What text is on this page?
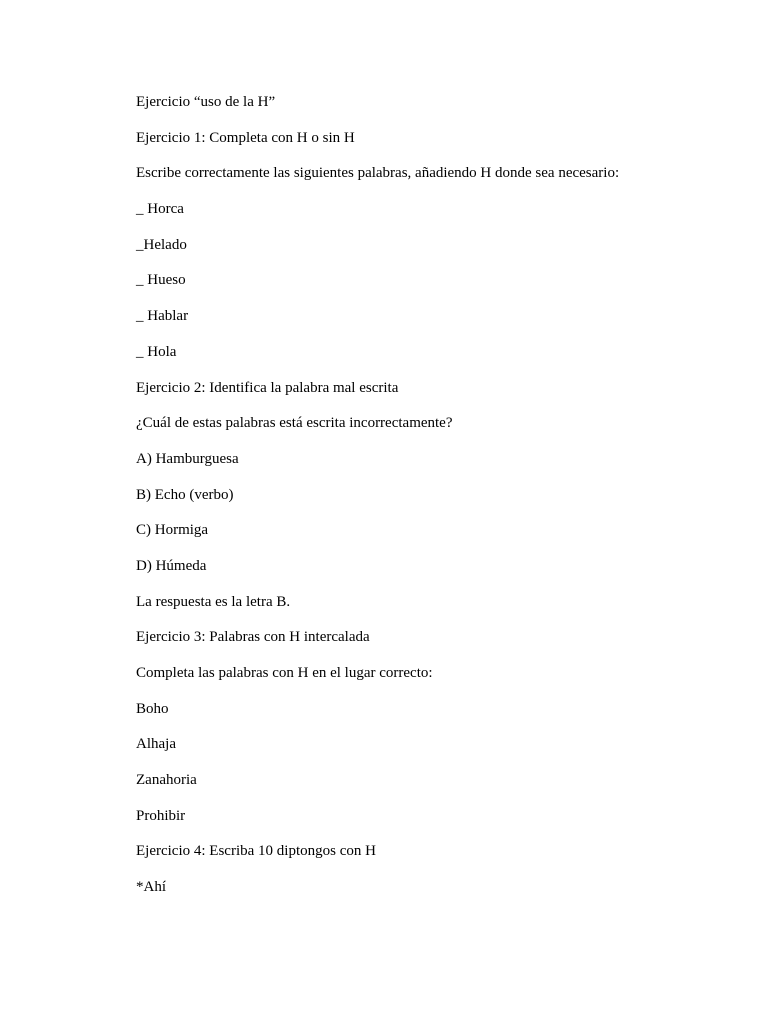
Ejercicio “uso de la H”

Ejercicio 1: Completa con H o sin H

Escribe correctamente las siguientes palabras, añadiendo H donde sea necesario:

_ Horca

_Helado

_ Hueso

_ Hablar

_ Hola

Ejercicio 2: Identifica la palabra mal escrita

¿Cuál de estas palabras está escrita incorrectamente?

A) Hamburguesa

B) Echo (verbo)

C) Hormiga

D) Húmeda

La respuesta es la letra B.

Ejercicio 3: Palabras con H intercalada

Completa las palabras con H en el lugar correcto:

Boho

Alhaja

Zanahoria

Prohibir

Ejercicio 4: Escriba 10 diptongos con H

*Ahí
